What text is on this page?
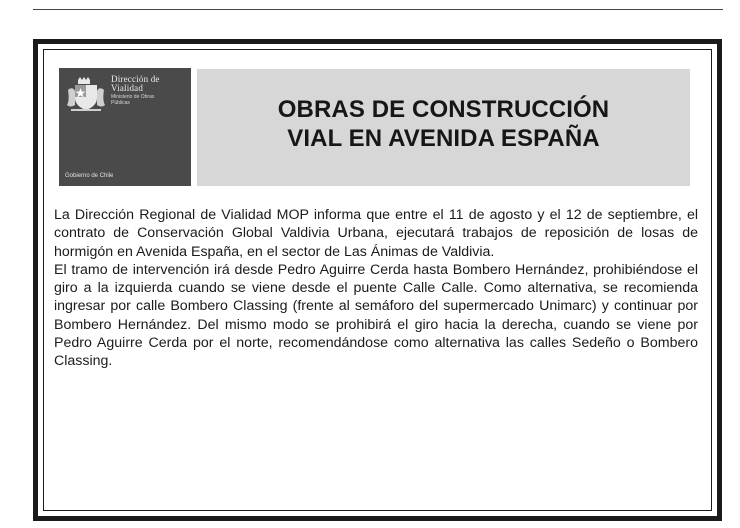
Dirección de
Vialidad
Ministerio de Obras
Públicas
Gobierno de Chile
OBRAS DE CONSTRUCCIÓN
VIAL EN AVENIDA ESPAÑA

La Dirección Regional de Vialidad MOP informa que entre el 11 de agosto y el 12 de septiembre, el contrato de Conservación Global Valdivia Urbana, ejecutará trabajos de reposición de losas de hormigón en Avenida España, en el sector de Las Ánimas de Valdivia.

El tramo de intervención irá desde Pedro Aguirre Cerda hasta Bombero Hernández, prohibiéndose el giro a la izquierda cuando se viene desde el puente Calle Calle. Como alternativa, se recomienda ingresar por calle Bombero Classing (frente al semáforo del supermercado Unimarc) y continuar por Bombero Hernández. Del mismo modo se prohibirá el giro hacia la derecha, cuando se viene por Pedro Aguirre Cerda por el norte, recomendándose como alternativa las calles Sedeño o Bombero Classing.
